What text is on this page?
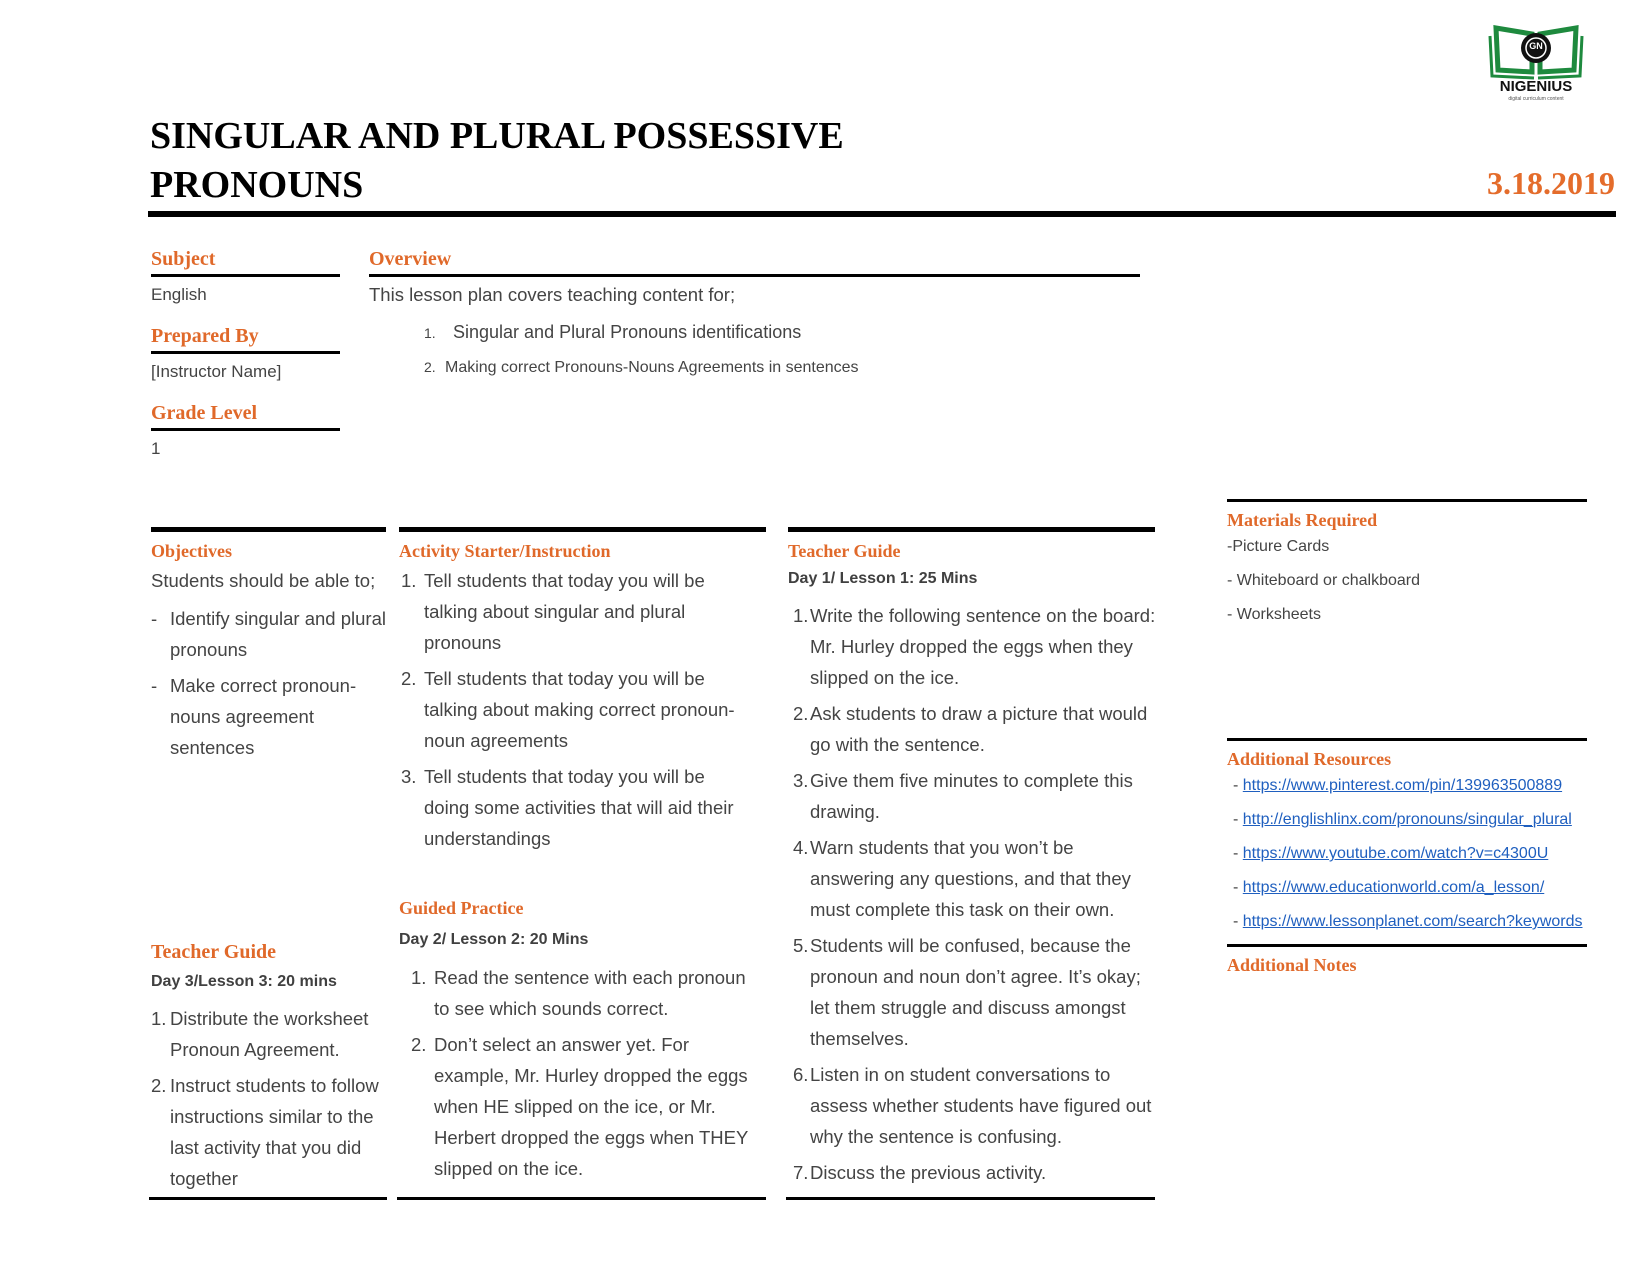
GN
NIGENIUS
digital curriculum content
SINGULAR AND PLURAL POSSESSIVE
PRONOUNS	3.18.2019
Subject
English
Prepared By
[Instructor Name]
Grade Level
1
Overview
This lesson plan covers teaching content for;
1. Singular and Plural Pronouns identifications
2. Making correct Pronouns-Nouns Agreements in sentences
Objectives
Students should be able to;
- Identify singular and plural pronouns
- Make correct pronoun-nouns agreement sentences
Teacher Guide
Day 3/Lesson 3: 20 mins
1. Distribute the worksheet Pronoun Agreement.
2. Instruct students to follow instructions similar to the last activity that you did together
Activity Starter/Instruction
1. Tell students that today you will be talking about singular and plural pronouns
2. Tell students that today you will be talking about making correct pronoun-noun agreements
3. Tell students that today you will be doing some activities that will aid their understandings
Guided Practice
Day 2/ Lesson 2: 20 Mins
1. Read the sentence with each pronoun to see which sounds correct.
2. Don’t select an answer yet. For example, Mr. Hurley dropped the eggs when HE slipped on the ice, or Mr. Herbert dropped the eggs when THEY slipped on the ice.
Teacher Guide
Day 1/ Lesson 1: 25 Mins
1. Write the following sentence on the board: Mr. Hurley dropped the eggs when they slipped on the ice.
2. Ask students to draw a picture that would go with the sentence.
3. Give them five minutes to complete this drawing.
4. Warn students that you won’t be answering any questions, and that they must complete this task on their own.
5. Students will be confused, because the pronoun and noun don’t agree. It’s okay; let them struggle and discuss amongst themselves.
6. Listen in on student conversations to assess whether students have figured out why the sentence is confusing.
7. Discuss the previous activity.
Materials Required
-Picture Cards
- Whiteboard or chalkboard
- Worksheets
Additional Resources
- https://www.pinterest.com/pin/139963500889
- http://englishlinx.com/pronouns/singular_plural
- https://www.youtube.com/watch?v=c4300U
- https://www.educationworld.com/a_lesson/
- https://www.lessonplanet.com/search?keywords
Additional Notes
